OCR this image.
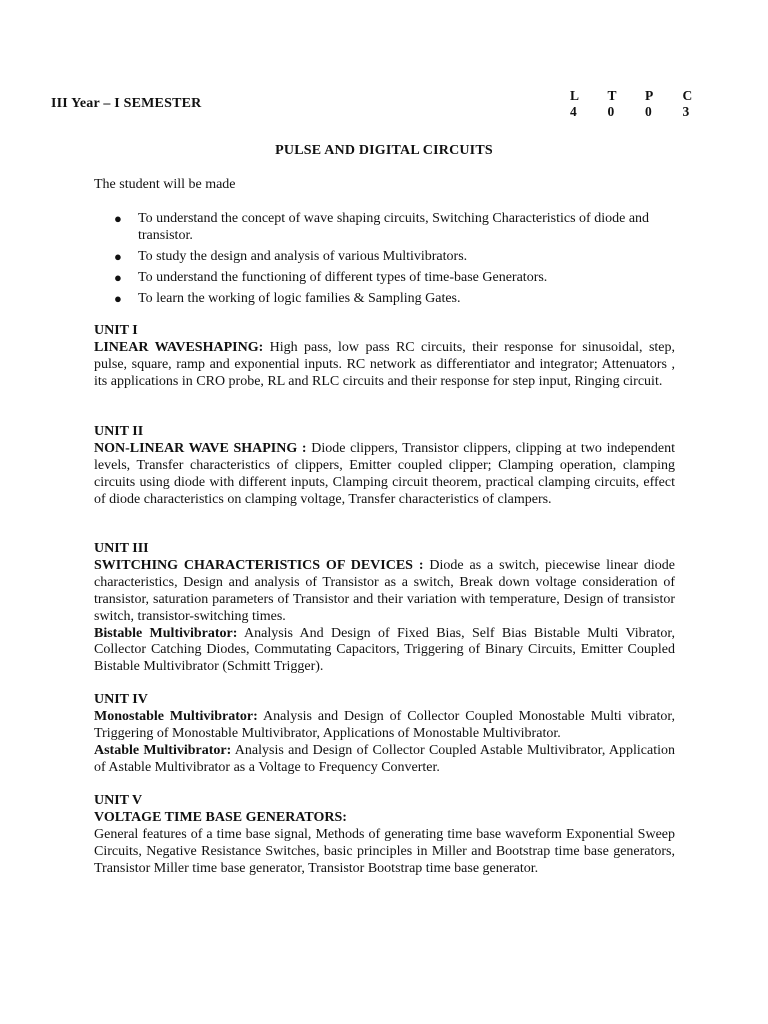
III Year – I SEMESTER
L	T	P	C
4	0	0	3
PULSE AND DIGITAL CIRCUITS
The student will be made
● To understand the concept of wave shaping circuits, Switching Characteristics of diode and transistor.
● To study the design and analysis of various Multivibrators.
● To understand the functioning of different types of time-base Generators.
● To learn the working of logic families & Sampling Gates.
UNIT I

LINEAR WAVESHAPING: High pass, low pass RC circuits, their response for sinusoidal, step, pulse, square, ramp and exponential inputs. RC network as differentiator and integrator; Attenuators , its applications in CRO probe, RL and RLC circuits and their response for step input, Ringing circuit.

UNIT II

NON-LINEAR WAVE SHAPING : Diode clippers, Transistor clippers, clipping at two independent levels, Transfer characteristics of clippers, Emitter coupled clipper; Clamping operation, clamping circuits using diode with different inputs, Clamping circuit theorem, practical clamping circuits, effect of diode characteristics on clamping voltage, Transfer characteristics of clampers.

UNIT III

SWITCHING CHARACTERISTICS OF DEVICES : Diode as a switch, piecewise linear diode characteristics, Design and analysis of Transistor as a switch, Break down voltage consideration of transistor, saturation parameters of Transistor and their variation with temperature, Design of transistor switch, transistor-switching times.

Bistable Multivibrator: Analysis And Design of Fixed Bias, Self Bias Bistable Multi Vibrator, Collector Catching Diodes, Commutating Capacitors, Triggering of Binary Circuits, Emitter Coupled Bistable Multivibrator (Schmitt Trigger).

UNIT IV

Monostable Multivibrator: Analysis and Design of Collector Coupled Monostable Multi vibrator, Triggering of Monostable Multivibrator, Applications of Monostable Multivibrator.

Astable Multivibrator: Analysis and Design of Collector Coupled Astable Multivibrator, Application of Astable Multivibrator as a Voltage to Frequency Converter.

UNIT V

VOLTAGE TIME BASE GENERATORS:

General features of a time base signal, Methods of generating time base waveform Exponential Sweep Circuits, Negative Resistance Switches, basic principles in Miller and Bootstrap time base generators, Transistor Miller time base generator, Transistor Bootstrap time base generator.
